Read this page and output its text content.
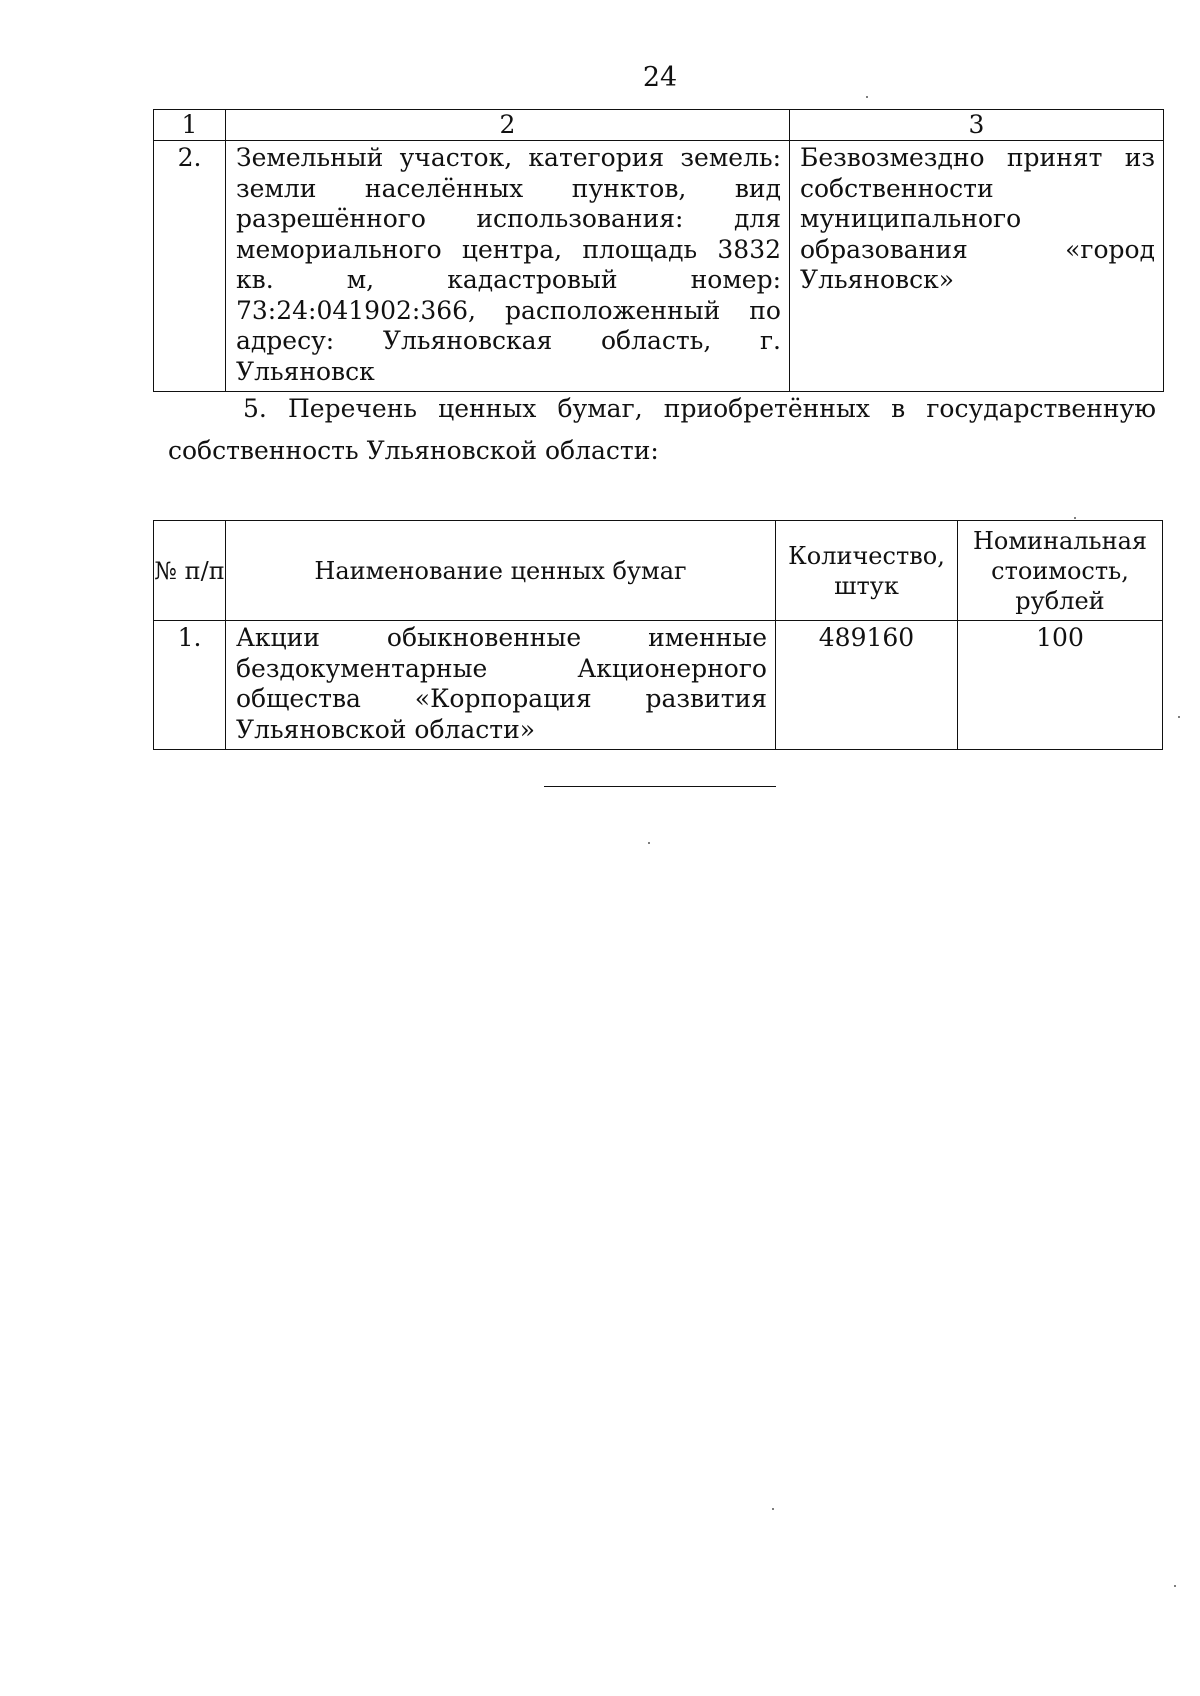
24
1	2	3
2.	Земельный участок, категория земель: земли населённых пунктов, вид разрешённого использования: для мемориального центра, площадь 3832 кв. м, кадастровый номер: 73:24:041902:366, расположенный по адресу: Ульяновская область, г. Ульяновск	Безвозмездно принят из собственности муниципального образования «город Ульяновск»
5. Перечень ценных бумаг, приобретённых в государственную
собственность Ульяновской области:
№ п/п	Наименование ценных бумаг	Количество, штук	Номинальная стоимость, рублей
1.	Акции обыкновенные именные бездокументарные Акционерного общества «Корпорация развития Ульяновской области»	489160	100
